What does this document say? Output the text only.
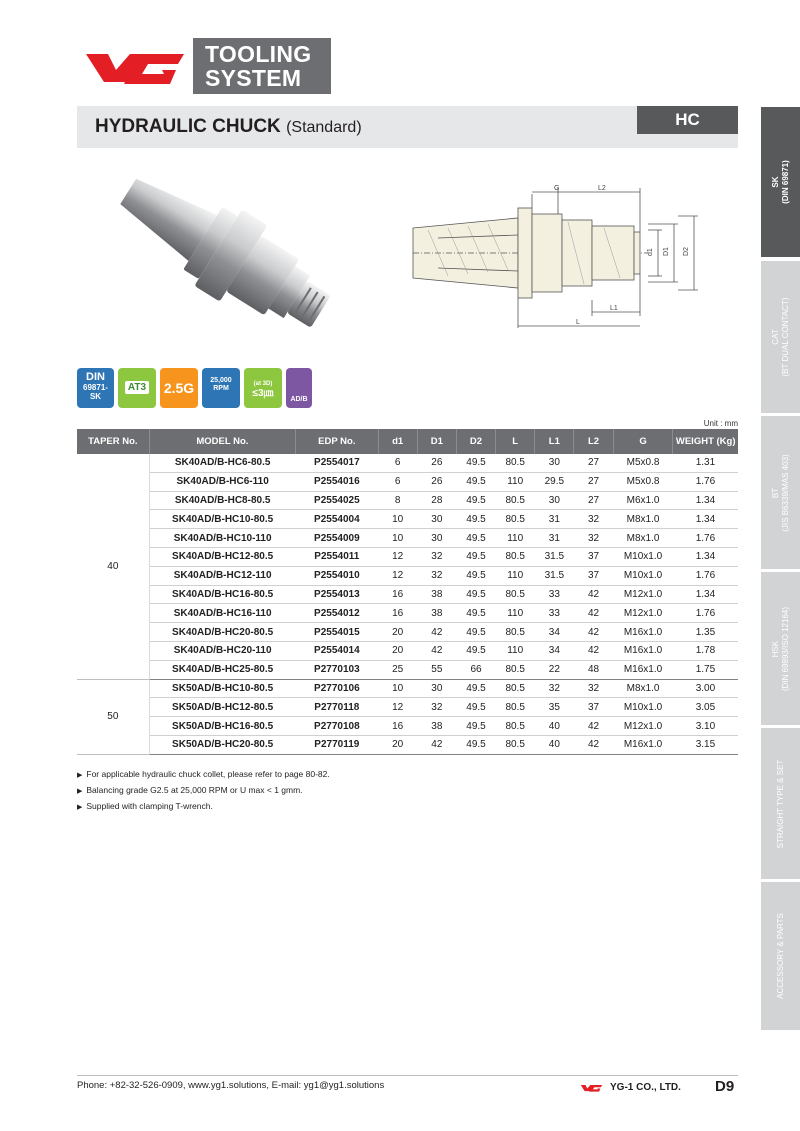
TOOLING
SYSTEM
HYDRAULIC CHUCK (Standard)	HC
SK
(DIN 69871)
CAT
(BT DUAL CONTACT)
BT
(JIS B6339/MAS 403)
HSK
(DIN 69893/ISO 12164)
STRAIGHT TYPE & SET
ACCESSORY & PARTS
G	L2
L1
L
d1 D1 D2
DIN
69871-
SK
AT3	2.5G	25,000
RPM
(at 3D)
≤3㎛
AD/B
Unit : mm
TAPER No.	MODEL No.	EDP No.	d1	D1	D2	L	L1	L2	G	WEIGHT (Kg)
40	SK40AD/B-HC6-80.5	P2554017	6	26	49.5	80.5	30	27	M5x0.8	1.31
	SK40AD/B-HC6-110	P2554016	6	26	49.5	110	29.5	27	M5x0.8	1.76
	SK40AD/B-HC8-80.5	P2554025	8	28	49.5	80.5	30	27	M6x1.0	1.34
	SK40AD/B-HC10-80.5	P2554004	10	30	49.5	80.5	31	32	M8x1.0	1.34
	SK40AD/B-HC10-110	P2554009	10	30	49.5	110	31	32	M8x1.0	1.76
	SK40AD/B-HC12-80.5	P2554011	12	32	49.5	80.5	31.5	37	M10x1.0	1.34
	SK40AD/B-HC12-110	P2554010	12	32	49.5	110	31.5	37	M10x1.0	1.76
	SK40AD/B-HC16-80.5	P2554013	16	38	49.5	80.5	33	42	M12x1.0	1.34
	SK40AD/B-HC16-110	P2554012	16	38	49.5	110	33	42	M12x1.0	1.76
	SK40AD/B-HC20-80.5	P2554015	20	42	49.5	80.5	34	42	M16x1.0	1.35
	SK40AD/B-HC20-110	P2554014	20	42	49.5	110	34	42	M16x1.0	1.78
	SK40AD/B-HC25-80.5	P2770103	25	55	66	80.5	22	48	M16x1.0	1.75
50	SK50AD/B-HC10-80.5	P2770106	10	30	49.5	80.5	32	32	M8x1.0	3.00
	SK50AD/B-HC12-80.5	P2770118	12	32	49.5	80.5	35	37	M10x1.0	3.05
	SK50AD/B-HC16-80.5	P2770108	16	38	49.5	80.5	40	42	M12x1.0	3.10
	SK50AD/B-HC20-80.5	P2770119	20	42	49.5	80.5	40	42	M16x1.0	3.15
▶ For applicable hydraulic chuck collet, please refer to page 80-82.
▶ Balancing grade G2.5 at 25,000 RPM or U max < 1 gmm.
▶ Supplied with clamping T-wrench.
Phone: +82-32-526-0909, www.yg1.solutions, E-mail: yg1@yg1.solutions	YG-1 CO., LTD. D9
